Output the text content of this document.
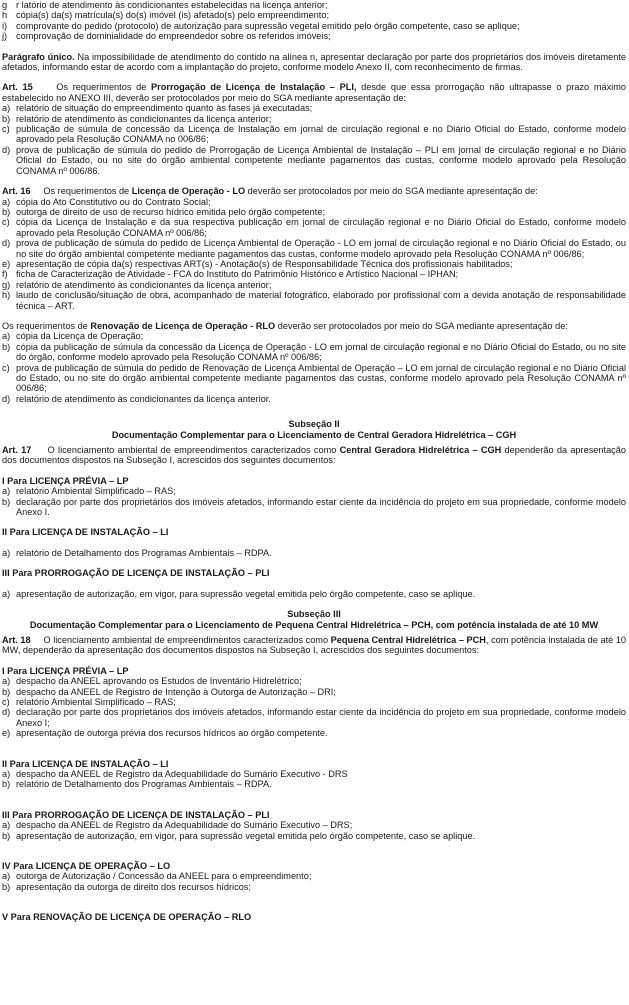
g r latório de atendimento às condicionantes estabelecidas na licença anterior;
h cópia(s) da(s) matrícula(s) do(s) imóvel (is) afetado(s) pelo empreendimento;
i) comprovante do pedido (protocolo) de autorização para supressão vegetal emitido pelo órgão competente, caso se aplique;
j) comprovação de dominialidade do empreendedor sobre os referidos imóveis;

Parágrafo único. Na impossibilidade de atendimento do contido na alínea n, apresentar declaração por parte dos proprietários dos imóveis diretamente afetados, informando estar de acordo com a implantação do projeto, conforme modelo Anexo II, com reconhecimento de firmas.

Art. 15	Os requerimentos de Prorrogação de Licença de Instalação – PLI, desde que essa prorrogação não ultrapasse o prazo máximo estabelecido no ANEXO III, deverão ser protocolados por meio do SGA mediante apresentação de:

a) relatório de situação do empreendimento quanto às fases já executadas;
b) relatório de atendimento às condicionantes da licença anterior;
c) publicação de súmula de concessão da Licença de Instalação em jornal de circulação regional e no Diário Oficial do Estado, conforme modelo aprovado pela Resolução CONAMA no 006/86;
d) prova de publicação de súmula do pedido de Prorrogação de Licença Ambiental de Instalação – PLI em jornal de circulação regional e no Diário Oficial do Estado, ou no site do órgão ambiental competente mediante pagamentos das custas, conforme modelo aprovado pela Resolução CONAMA nº 006/86.

Art. 16 Os requerimentos de Licença de Operação - LO deverão ser protocolados por meio do SGA mediante apresentação de:

a) cópia do Ato Constitutivo ou do Contrato Social;
b) outorga de direito de uso de recurso hídrico emitida pelo órgão competente;
c) cópia da Licença de Instalação e da sua respectiva publicação em jornal de circulação regional e no Diário Oficial do Estado, conforme modelo aprovado pela Resolução CONAMA nº 006/86;
d) prova de publicação de súmula do pedido de Licença Ambiental de Operação - LO em jornal de circulação regional e no Diário Oficial do Estado, ou no site do órgão ambiental competente mediante pagamentos das custas, conforme modelo aprovado pela Resolução CONAMA nº 006/86;
e) apresentação de cópia da(s) respectivas ART(s) - Anotação(s) de Responsabilidade Técnica dos profissionais habilitados;
f) ficha de Caracterização de Atividade - FCA do Instituto do Patrimônio Histórico e Artístico Nacional – IPHAN;
g) relatório de atendimento às condicionantes da licença anterior;
h) laudo de conclusão/situação de obra, acompanhado de material fotográfico, elaborado por profissional com a devida anotação de responsabilidade técnica – ART.

Os requerimentos de Renovação de Licença de Operação - RLO deverão ser protocolados por meio do SGA mediante apresentação de:

a) cópia da Licença de Operação;
b) cópia da publicação de súmula da concessão da Licença de Operação - LO em jornal de circulação regional e no Diário Oficial do Estado, ou no site do órgão, conforme modelo aprovado pela Resolução CONAMA nº 006/86;
c) prova de publicação de súmula do pedido de Renovação de Licença Ambiental de Operação – LO em jornal de circulação regional e no Diário Oficial do Estado, ou no site do órgão ambiental competente mediante pagamentos das custas, conforme modelo aprovado pela Resolução CONAMA nº 006/86;
d) relatório de atendimento às condicionantes da licença anterior.
Subseção II
Documentação Complementar para o Licenciamento de Central Geradora Hidrelétrica – CGH

Art. 17 O licenciamento ambiental de empreendimentos caracterizados como Central Geradora Hidrelétrica – CGH dependerão da apresentação dos documentos dispostos na Subseção I, acrescidos dos seguintes documentos:

I Para LICENÇA PRÉVIA – LP
a) relatório Ambiental Simplificado – RAS;
b) declaração por parte dos proprietários dos imóveis afetados, informando estar ciente da incidência do projeto em sua propriedade, conforme modelo Anexo I.
II Para LICENÇA DE INSTALAÇÃO – LI
a) relatório de Detalhamento dos Programas Ambientais – RDPA.
III Para PRORROGAÇÃO DE LICENÇA DE INSTALAÇÃO – PLI
a) apresentação de autorização, em vigor, para supressão vegetal emitida pelo órgão competente, caso se aplique.
Subseção III
Documentação Complementar para o Licenciamento de Pequena Central Hidrelétrica – PCH, com potência instalada de até 10 MW

Art. 18 O licenciamento ambiental de empreendimentos caracterizados como Pequena Central Hidrelétrica – PCH, com potência instalada de até 10 MW, dependerão da apresentação dos documentos dispostos na Subseção I, acrescidos dos seguintes documentos:

I Para LICENÇA PRÉVIA – LP
a) despacho da ANEEL aprovando os Estudos de Inventário Hidrelétrico;
b) despacho da ANEEL de Registro de Intenção à Outorga de Autorização – DRI;
c) relatório Ambiental Simplificado – RAS;
d) declaração por parte dos proprietários dos imóveis afetados, informando estar ciente da incidência do projeto em sua propriedade, conforme modelo Anexo I;
e) apresentação de outorga prévia dos recursos hídricos ao órgão competente.
II Para LICENÇA DE INSTALAÇÃO – LI
a) despacho da ANEEL de Registro da Adequabilidade do Sumário Executivo - DRS
b) relatório de Detalhamento dos Programas Ambientais – RDPA.
III Para PRORROGAÇÃO DE LICENÇA DE INSTALAÇÃO – PLI
a) despacho da ANEEL de Registro da Adequabilidade do Sumário Executivo – DRS;
b) apresentação de autorização, em vigor, para supressão vegetal emitida pelo órgão competente, caso se aplique.
IV Para LICENÇA DE OPERAÇÃO – LO
a) outorga de Autorização / Concessão da ANEEL para o empreendimento;
b) apresentação da outorga de direito dos recursos hídricos;
V Para RENOVAÇÃO DE LICENÇA DE OPERAÇÃO – RLO
